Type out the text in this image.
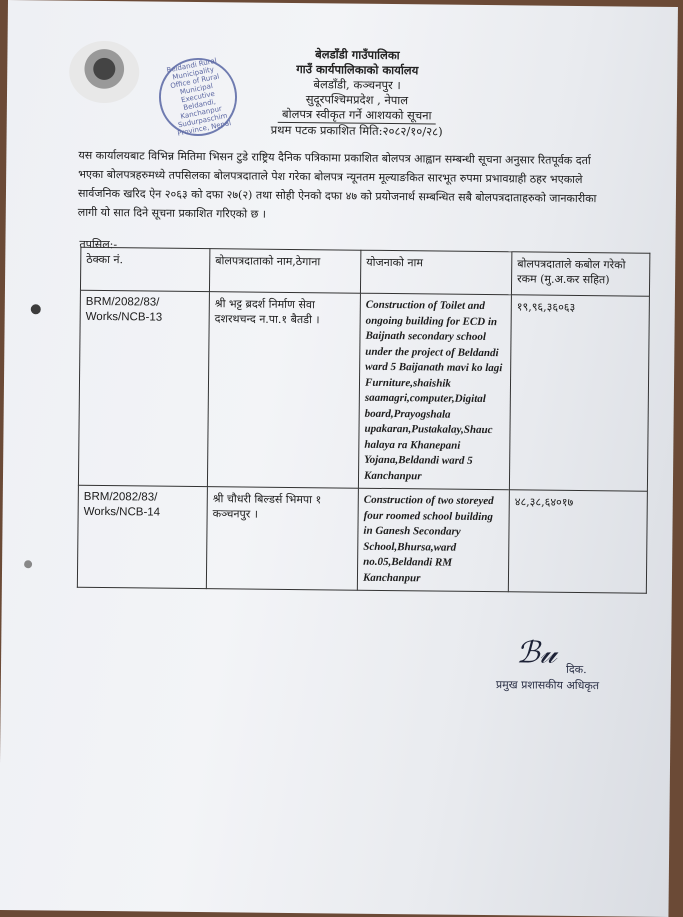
Beldandi Rural Municipality Office of Rural Municipal Executive Beldandi, Kanchanpur Sudurpaschim Province, Nepal
बेलडाँडी गाउँपालिका
गाउँ कार्यपालिकाको कार्यालय
बेलडाँडी, कञ्चनपुर ।
सुदूरपश्चिमप्रदेश , नेपाल
बोलपत्र स्वीकृत गर्ने आशयको सूचना
प्रथम पटक प्रकाशित मिति:२०८२/१०/२८)
यस कार्यालयबाट विभिन्न मितिमा भिसन टुडे राष्ट्रिय दैनिक पत्रिकामा प्रकाशित बोलपत्र आह्वान सम्बन्धी सूचना अनुसार रितपूर्वक दर्ता भएका बोलपत्रहरुमध्ये तपसिलका बोलपत्रदाताले पेश गरेका बोलपत्र न्यूनतम मूल्याङकित सारभूत रुपमा प्रभावग्राही ठहर भएकाले सार्वजनिक खरिद ऐन २०६३ को दफा २७(२) तथा सोही ऐनको दफा ४७ को प्रयोजनार्थ सम्बन्धित सबै बोलपत्रदाताहरुको जानकारीका लागी यो सात दिने सूचना प्रकाशित गरिएको छ ।
तपसिल:-
ठेक्का नं.	बोलपत्रदाताको नाम,ठेगाना	योजनाको नाम	बोलपत्रदाताले कबोल गरेको रकम (मु.अ.कर सहित)
BRM/2082/83/ Works/NCB-13	श्री भट्ट ब्रदर्श निर्माण सेवा दशरथचन्द न.पा.१ बैतडी ।	Construction of Toilet and ongoing building for ECD in Baijnath secondary school under the project of Beldandi ward 5 Baijanath mavi ko lagi Furniture,shaishik saamagri,computer,Digital board,Prayogshala upakaran,Pustakalay,Shauc halaya ra Khanepani Yojana,Beldandi ward 5 Kanchanpur	१९,९६,३६०६३
BRM/2082/83/ Works/NCB-14	श्री चौधरी बिल्डर्स भिमपा १ कञ्चनपुर ।	Construction of two storeyed four roomed school building in Ganesh Secondary School,Bhursa,ward no.05,Beldandi RM Kanchanpur	४८,३८,६४०१७
ℬ𝓊 दिक.
प्रमुख प्रशासकीय अधिकृत
